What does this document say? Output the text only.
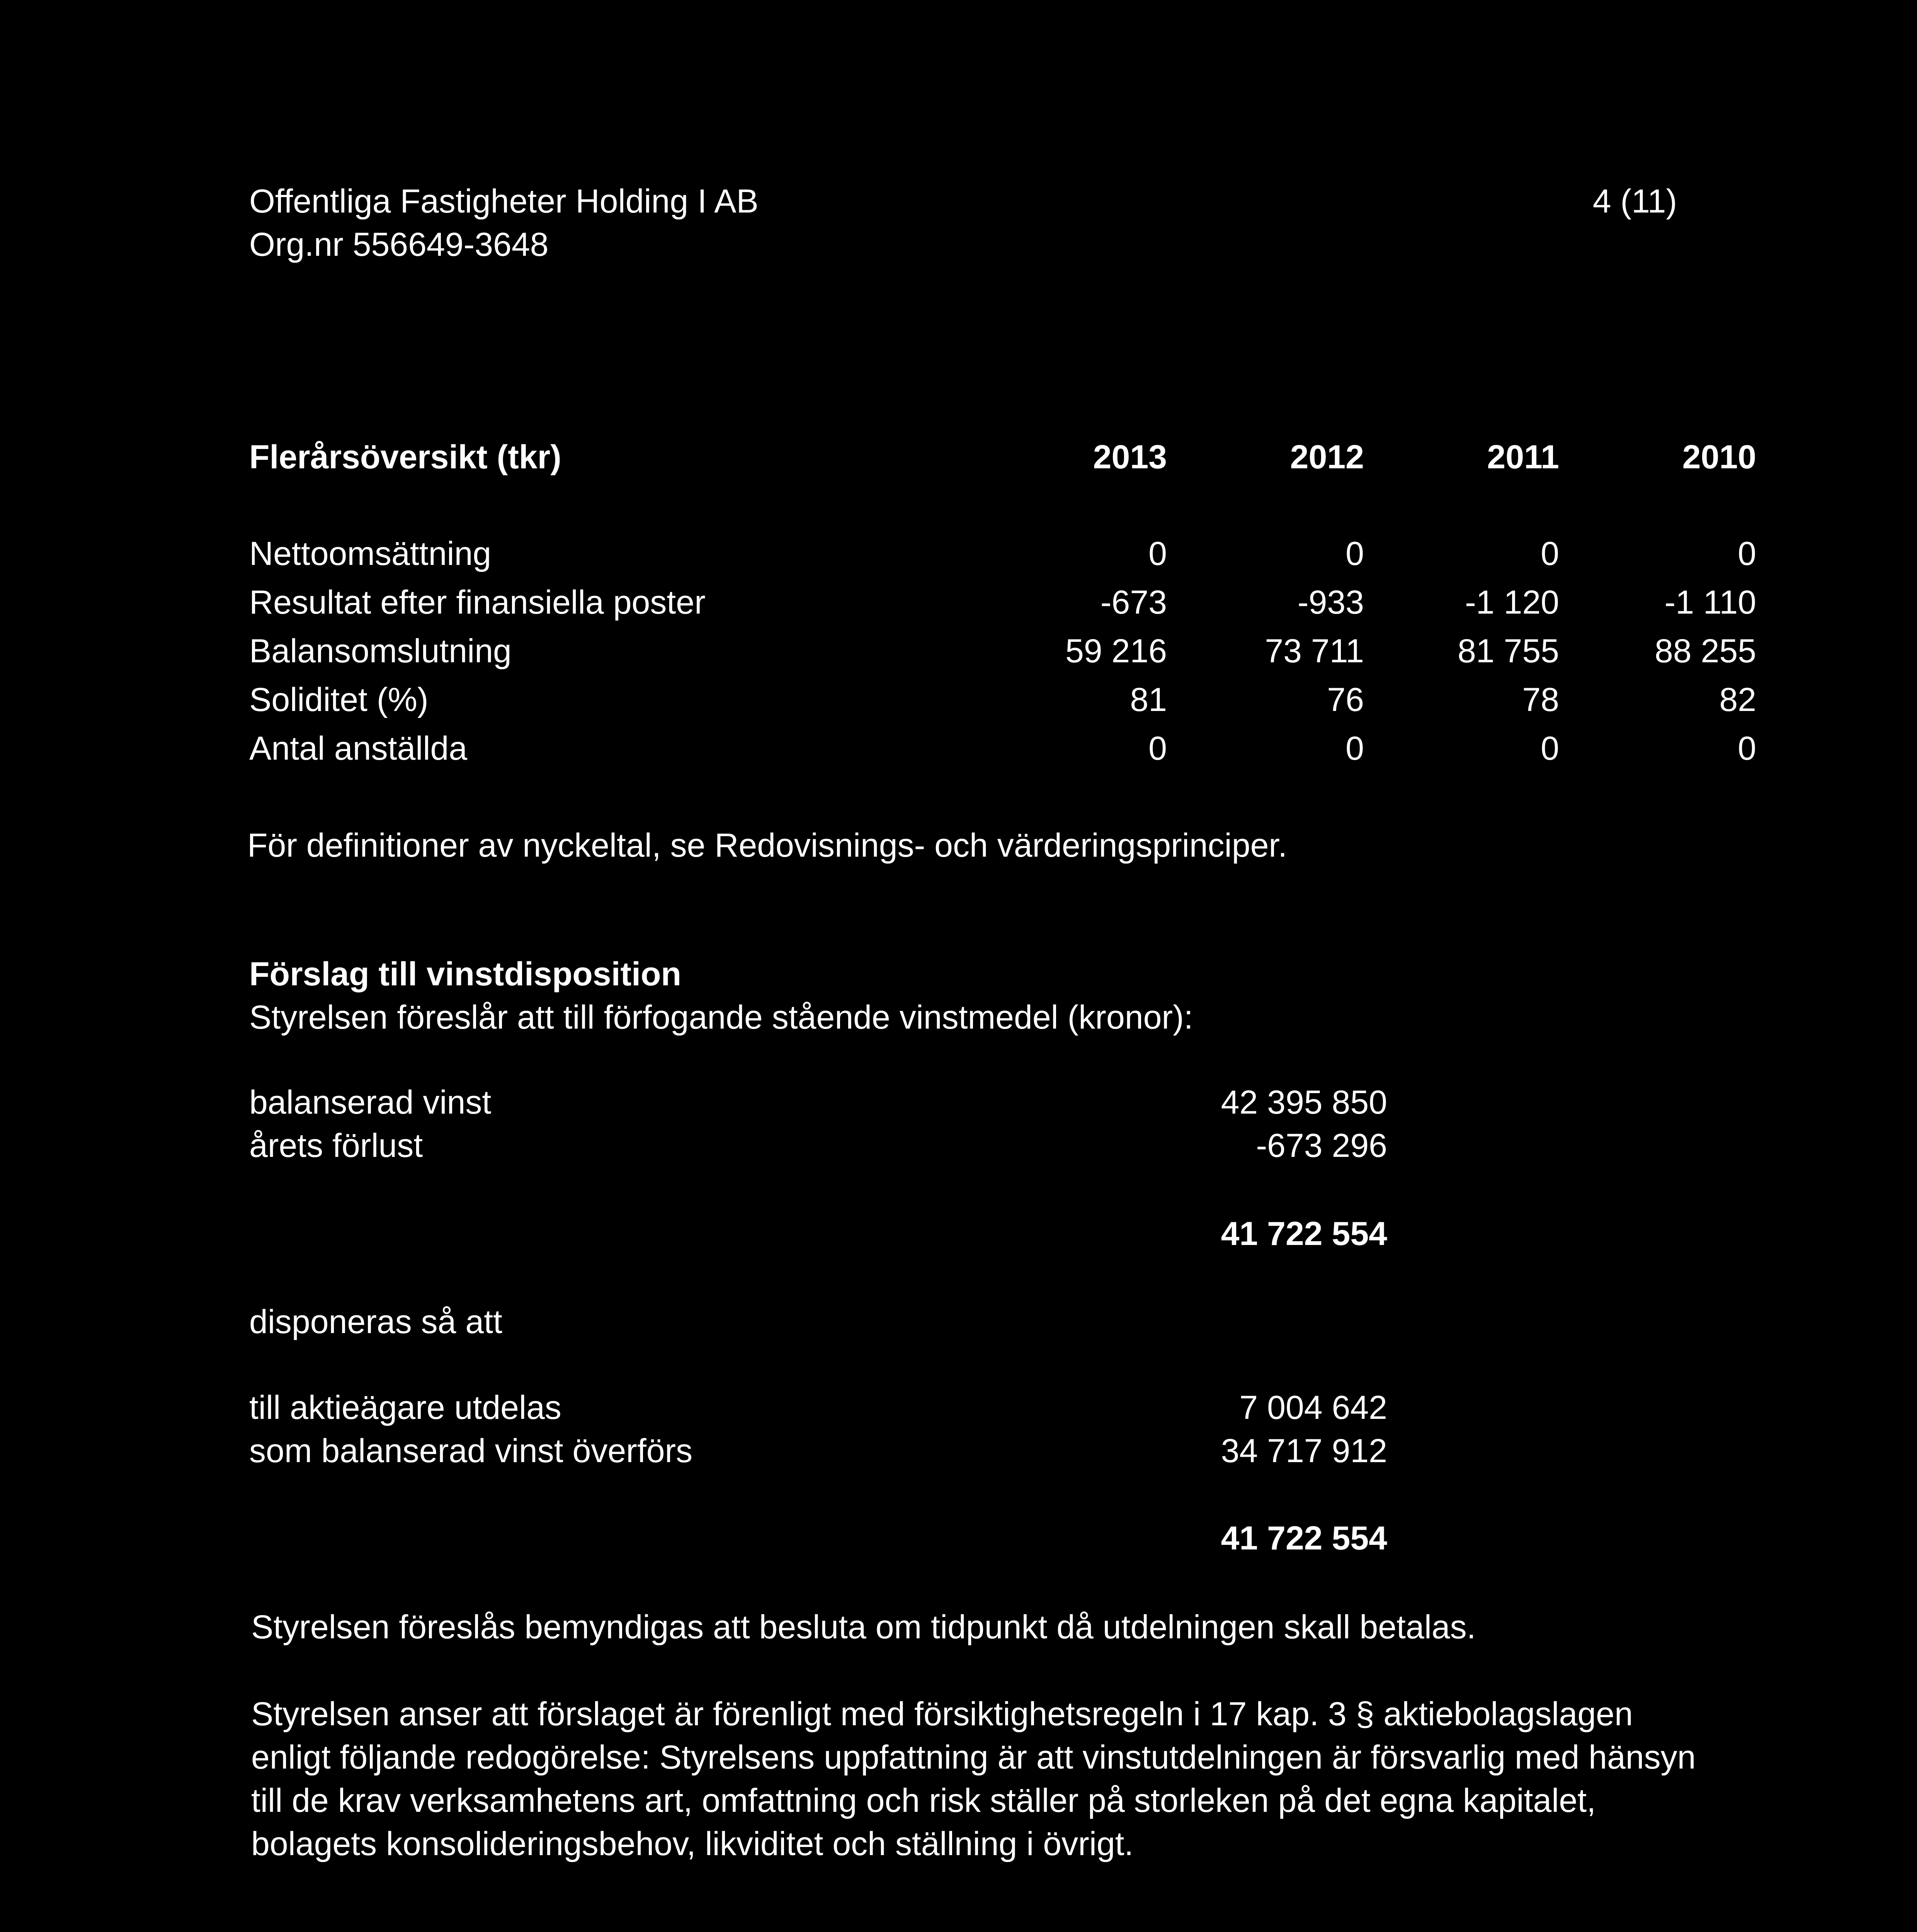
Offentliga Fastigheter Holding I AB
Org.nr 556649-3648
4 (11)
Flerårsöversikt (tkr)	2013	2012	2011	2010
Nettoomsättning	0	0	0	0
Resultat efter finansiella poster	-673	-933	-1 120	-1 110
Balansomslutning	59 216	73 711	81 755	88 255
Soliditet (%)	81	76	78	82
Antal anställda	0	0	0	0
För definitioner av nyckeltal, se Redovisnings- och värderingsprinciper.
Förslag till vinstdisposition
Styrelsen föreslår att till förfogande stående vinstmedel (kronor):
balanserad vinst	42 395 850
årets förlust	-673 296
41 722 554
disponeras så att
till aktieägare utdelas	7 004 642
som balanserad vinst överförs	34 717 912
41 722 554
Styrelsen föreslås bemyndigas att besluta om tidpunkt då utdelningen skall betalas.
Styrelsen anser att förslaget är förenligt med försiktighetsregeln i 17 kap. 3 § aktiebolagslagen enligt följande redogörelse: Styrelsens uppfattning är att vinstutdelningen är försvarlig med hänsyn till de krav verksamhetens art, omfattning och risk ställer på storleken på det egna kapitalet, bolagets konsolideringsbehov, likviditet och ställning i övrigt.
